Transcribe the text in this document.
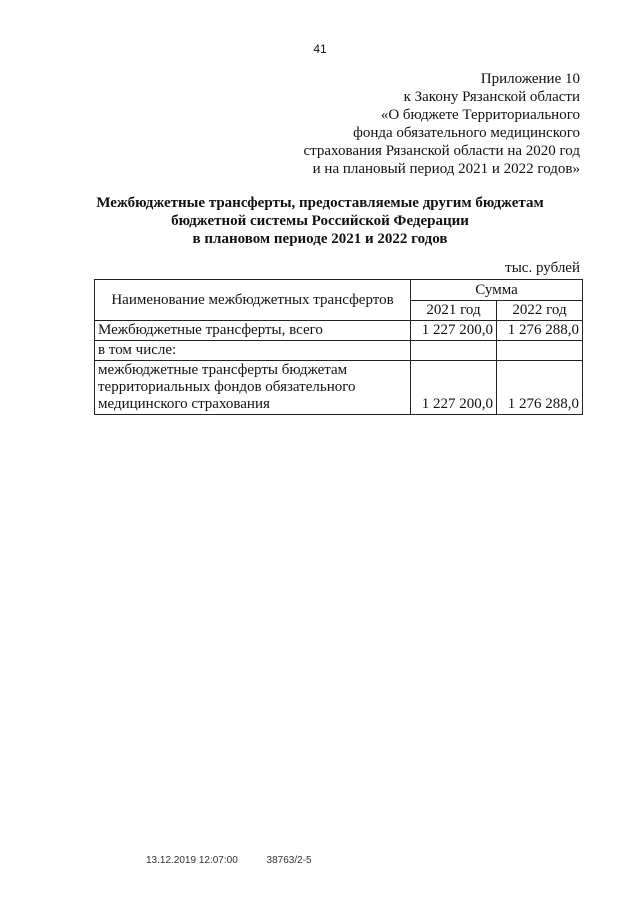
41
Приложение 10
к Закону Рязанской области
«О бюджете Территориального
фонда обязательного медицинского
страхования Рязанской области на 2020 год
и на плановый период 2021 и 2022 годов»
Межбюджетные трансферты, предоставляемые другим бюджетам
бюджетной системы Российской Федерации
в плановом периоде 2021 и 2022 годов
тыс. рублей
Наименование межбюджетных трансфертов	Сумма	
	2021 год	2022 год

Межбюджетные трансферты, всего	1 227 200,0	1 276 288,0

в том числе:		

межбюджетные трансферты бюджетам
территориальных фондов обязательного
медицинского страхования	1 227 200,0	1 276 288,0
13.12.2019 12:07:00	38763/2-5
